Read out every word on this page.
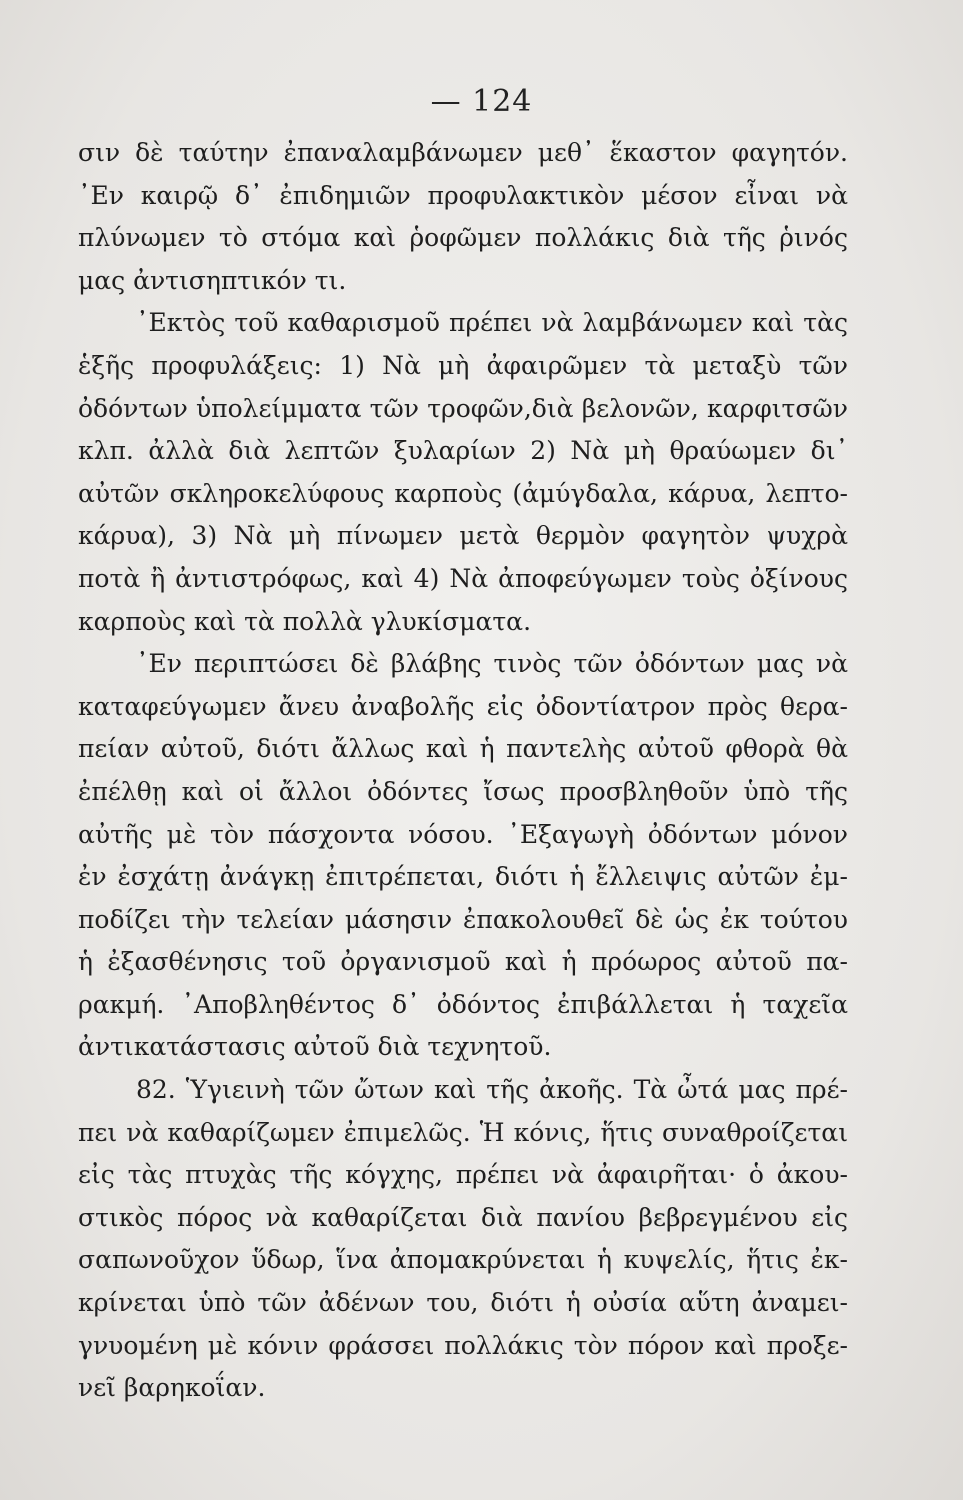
— 124
σιν δὲ ταύτην ἐπαναλαμβάνωμεν μεθ᾽ ἕκαστον φαγητόν.
᾽Εν καιρῷ δ᾽ ἐπιδημιῶν προφυλακτικὸν μέσον εἶναι νὰ
πλύνωμεν τὸ στόμα καὶ ῥοφῶμεν πολλάκις διὰ τῆς ῥινός
μας ἀντισηπτικόν τι.
᾽Εκτὸς τοῦ καθαρισμοῦ πρέπει νὰ λαμβάνωμεν καὶ τὰς
ἑξῆς προφυλάξεις: 1) Νὰ μὴ ἀφαιρῶμεν τὰ μεταξὺ τῶν
ὀδόντων ὑπολείμματα τῶν τροφῶν,διὰ βελονῶν, καρφιτσῶν
κλπ. ἀλλὰ διὰ λεπτῶν ξυλαρίων 2) Νὰ μὴ θραύωμεν δι᾽
αὐτῶν σκληροκελύφους καρποὺς (ἀμύγδαλα, κάρυα, λεπτο-
κάρυα), 3) Νὰ μὴ πίνωμεν μετὰ θερμὸν φαγητὸν ψυχρὰ
ποτὰ ἢ ἀντιστρόφως, καὶ 4) Νὰ ἀποφεύγωμεν τοὺς ὀξίνους
καρποὺς καὶ τὰ πολλὰ γλυκίσματα.
᾽Εν περιπτώσει δὲ βλάβης τινὸς τῶν ὀδόντων μας νὰ
καταφεύγωμεν ἄνευ ἀναβολῆς εἰς ὀδοντίατρον πρὸς θερα-
πείαν αὐτοῦ, διότι ἄλλως καὶ ἡ παντελὴς αὐτοῦ φθορὰ θὰ
ἐπέλθῃ καὶ οἱ ἄλλοι ὀδόντες ἴσως προσβληθοῦν ὑπὸ τῆς
αὐτῆς μὲ τὸν πάσχοντα νόσου. ᾽Εξαγωγὴ ὀδόντων μόνον
ἐν ἐσχάτῃ ἀνάγκῃ ἐπιτρέπεται, διότι ἡ ἔλλειψις αὐτῶν ἐμ-
ποδίζει τὴν τελείαν μάσησιν ἐπακολουθεῖ δὲ ὡς ἐκ τούτου
ἡ ἐξασθένησις τοῦ ὀργανισμοῦ καὶ ἡ πρόωρος αὐτοῦ πα-
ρακμή. ᾽Αποβληθέντος δ᾽ ὀδόντος ἐπιβάλλεται ἡ ταχεῖα
ἀντικατάστασις αὐτοῦ διὰ τεχνητοῦ.
82. Ὑγιεινὴ τῶν ὤτων καὶ τῆς ἀκοῆς. Τὰ ὦτά μας πρέ-
πει νὰ καθαρίζωμεν ἐπιμελῶς. Ἡ κόνις, ἥτις συναθροίζεται
εἰς τὰς πτυχὰς τῆς κόγχης, πρέπει νὰ ἀφαιρῆται· ὁ ἀκου-
στικὸς πόρος νὰ καθαρίζεται διὰ πανίου βεβρεγμένου εἰς
σαπωνοῦχον ὕδωρ, ἵνα ἀπομακρύνεται ἡ κυψελίς, ἥτις ἐκ-
κρίνεται ὑπὸ τῶν ἀδένων του, διότι ἡ οὐσία αὕτη ἀναμει-
γνυομένη μὲ κόνιν φράσσει πολλάκις τὸν πόρον καὶ προξε-
νεῖ βαρηκοΐαν.
